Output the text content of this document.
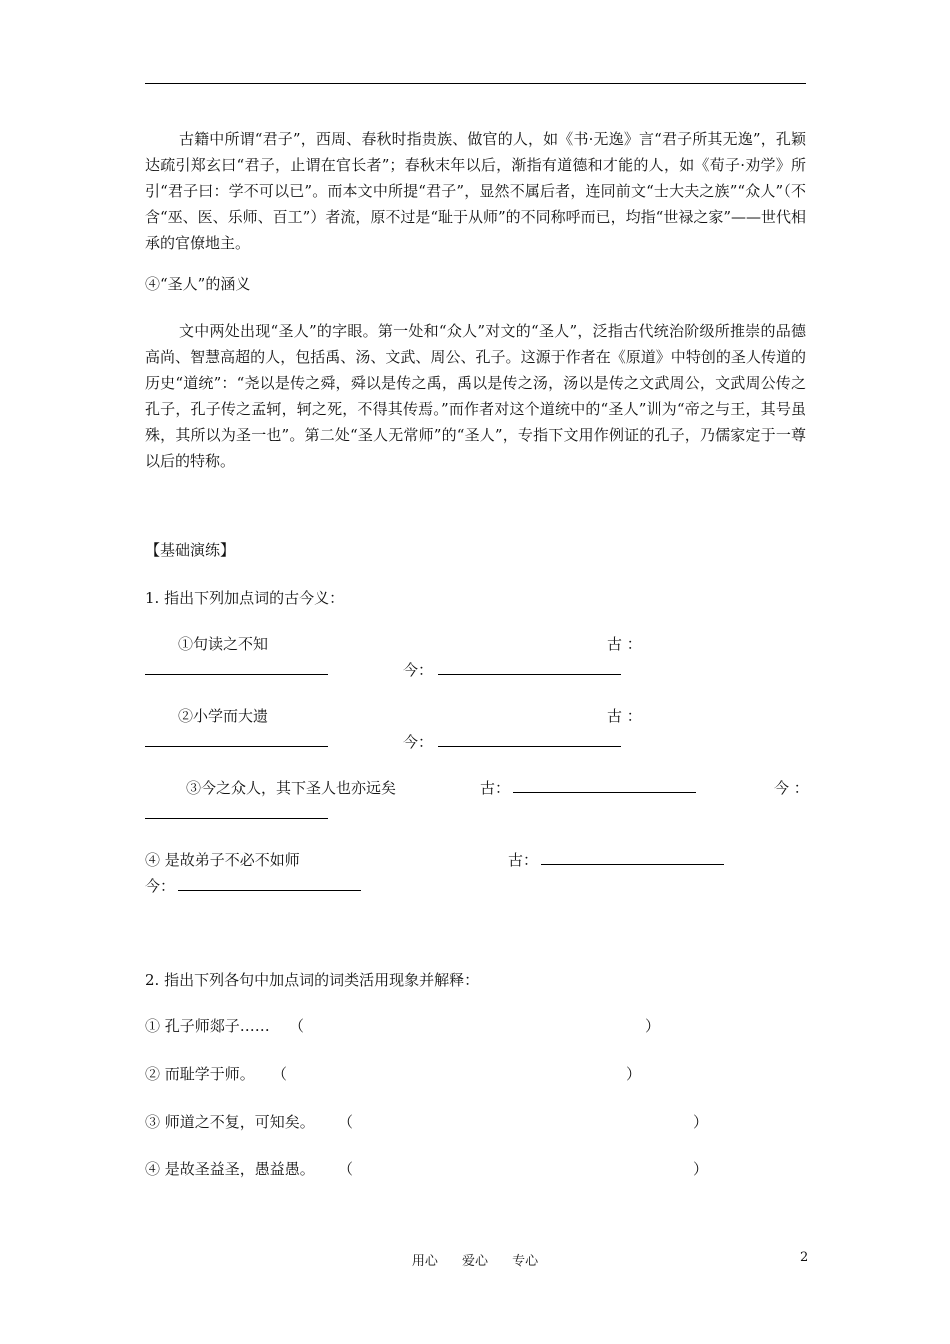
古籍中所谓“君子”，西周、春秋时指贵族、做官的人，如《书·无逸》言“君子所其无逸”，孔颖达疏引郑玄曰“君子，止谓在官长者”；春秋末年以后，渐指有道德和才能的人，如《荀子·劝学》所引“君子曰：学不可以已”。而本文中所提“君子”，显然不属后者，连同前文“士大夫之族”“众人”（不含“巫、医、乐师、百工”）者流，原不过是“耻于从师”的不同称呼而已，均指“世禄之家”——世代相承的官僚地主。
④“圣人”的涵义
文中两处出现“圣人”的字眼。第一处和“众人”对文的“圣人”，泛指古代统治阶级所推崇的品德高尚、智慧高超的人，包括禹、汤、文武、周公、孔子。这源于作者在《原道》中特创的圣人传道的历史“道统”：“尧以是传之舜，舜以是传之禹，禹以是传之汤，汤以是传之文武周公，文武周公传之孔子，孔子传之孟轲，轲之死，不得其传焉。”而作者对这个道统中的“圣人”训为“帝之与王，其号虽殊，其所以为圣一也”。第二处“圣人无常师”的“圣人”，专指下文用作例证的孔子，乃儒家定于一尊以后的特称。
【基础演练】
1. 指出下列加点词的古今义：
①句读之不知	古 ：
今：
②小学而大遗	古 ：
今：
③今之众人，其下圣人也亦远矣	古：	今 ：
④ 是故弟子不必不如师	古：
今：
2. 指出下列各句中加点词的词类活用现象并解释：
① 孔子师郯子…… （	）
② 而耻学于师。 （	）
③ 师道之不复，可知矣。 （	）
④ 是故圣益圣，愚益愚。 （	）
用心 爱心 专心	2
